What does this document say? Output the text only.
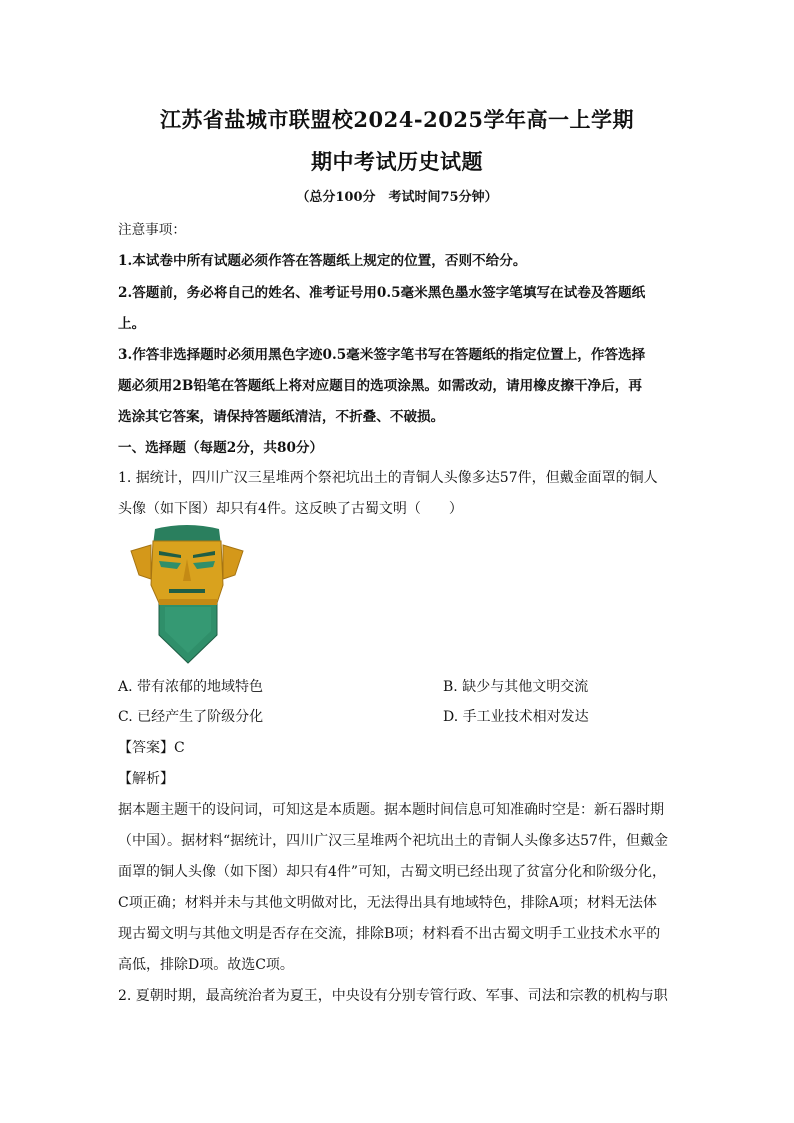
江苏省盐城市联盟校2024-2025学年高一上学期
期中考试历史试题
（总分100分　考试时间75分钟）
注意事项：
1.本试卷中所有试题必须作答在答题纸上规定的位置，否则不给分。
2.答题前，务必将自己的姓名、准考证号用0.5毫米黑色墨水签字笔填写在试卷及答题纸
上。
3.作答非选择题时必须用黑色字迹0.5毫米签字笔书写在答题纸的指定位置上，作答选择
题必须用2B铅笔在答题纸上将对应题目的选项涂黑。如需改动，请用橡皮擦干净后，再
选涂其它答案，请保持答题纸清洁，不折叠、不破损。
一、选择题（每题2分，共80分）
1. 据统计，四川广汉三星堆两个祭祀坑出土的青铜人头像多达57件，但戴金面罩的铜人
头像（如下图）却只有4件。这反映了古蜀文明（　　）
A. 带有浓郁的地域特色	B. 缺少与其他文明交流
C. 已经产生了阶级分化	D. 手工业技术相对发达
【答案】C
【解析】
据本题主题干的设问词，可知这是本质题。据本题时间信息可知准确时空是：新石器时期
（中国）。据材料“据统计，四川广汉三星堆两个祀坑出土的青铜人头像多达57件，但戴金
面罩的铜人头像（如下图）却只有4件”可知，古蜀文明已经出现了贫富分化和阶级分化，
C项正确；材料并未与其他文明做对比，无法得出具有地域特色，排除A项；材料无法体
现古蜀文明与其他文明是否存在交流，排除B项；材料看不出古蜀文明手工业技术水平的
高低，排除D项。故选C项。
2. 夏朝时期，最高统治者为夏王，中央设有分别专管行政、军事、司法和宗教的机构与职
